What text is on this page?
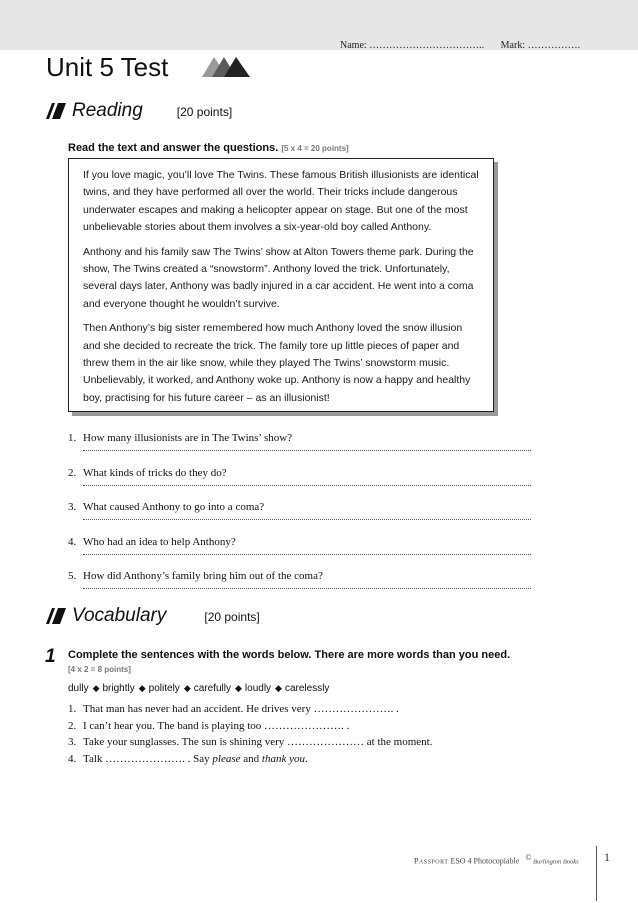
Name: …………………………….. Mark: …………….
Unit 5 Test
Reading	[20 points]
Read the text and answer the questions. [5 x 4 = 20 points]

If you love magic, you’ll love The Twins. These famous British illusionists are identical twins, and they have performed all over the world. Their tricks include dangerous underwater escapes and making a helicopter appear on stage. But one of the most unbelievable stories about them involves a six-year-old boy called Anthony.

Anthony and his family saw The Twins’ show at Alton Towers theme park. During the show, The Twins created a “snowstorm”. Anthony loved the trick. Unfortunately, several days later, Anthony was badly injured in a car accident. He went into a coma and everyone thought he wouldn’t survive.

Then Anthony’s big sister remembered how much Anthony loved the snow illusion and she decided to recreate the trick. The family tore up little pieces of paper and threw them in the air like snow, while they played The Twins’ snowstorm music. Unbelievably, it worked, and Anthony woke up. Anthony is now a happy and healthy boy, practising for his future career – as an illusionist!

1. How many illusionists are in The Twins’ show?
2. What kinds of tricks do they do?
3. What caused Anthony to go into a coma?
4. Who had an idea to help Anthony?
5. How did Anthony’s family bring him out of the coma?
Vocabulary	[20 points]
1 Complete the sentences with the words below. There are more words than you need.
[4 x 2 = 8 points]
dully ◆ brightly ◆ politely ◆ carefully ◆ loudly ◆ carelessly
1. That man has never had an accident. He drives very …………………. .
2. I can’t hear you. The band is playing too …………………. .
3. Take your sunglasses. The sun is shining very ………………… at the moment.
4. Talk …………………. . Say please and thank you.
Passport ESO 4 Photocopiable © Burlington Books 1
